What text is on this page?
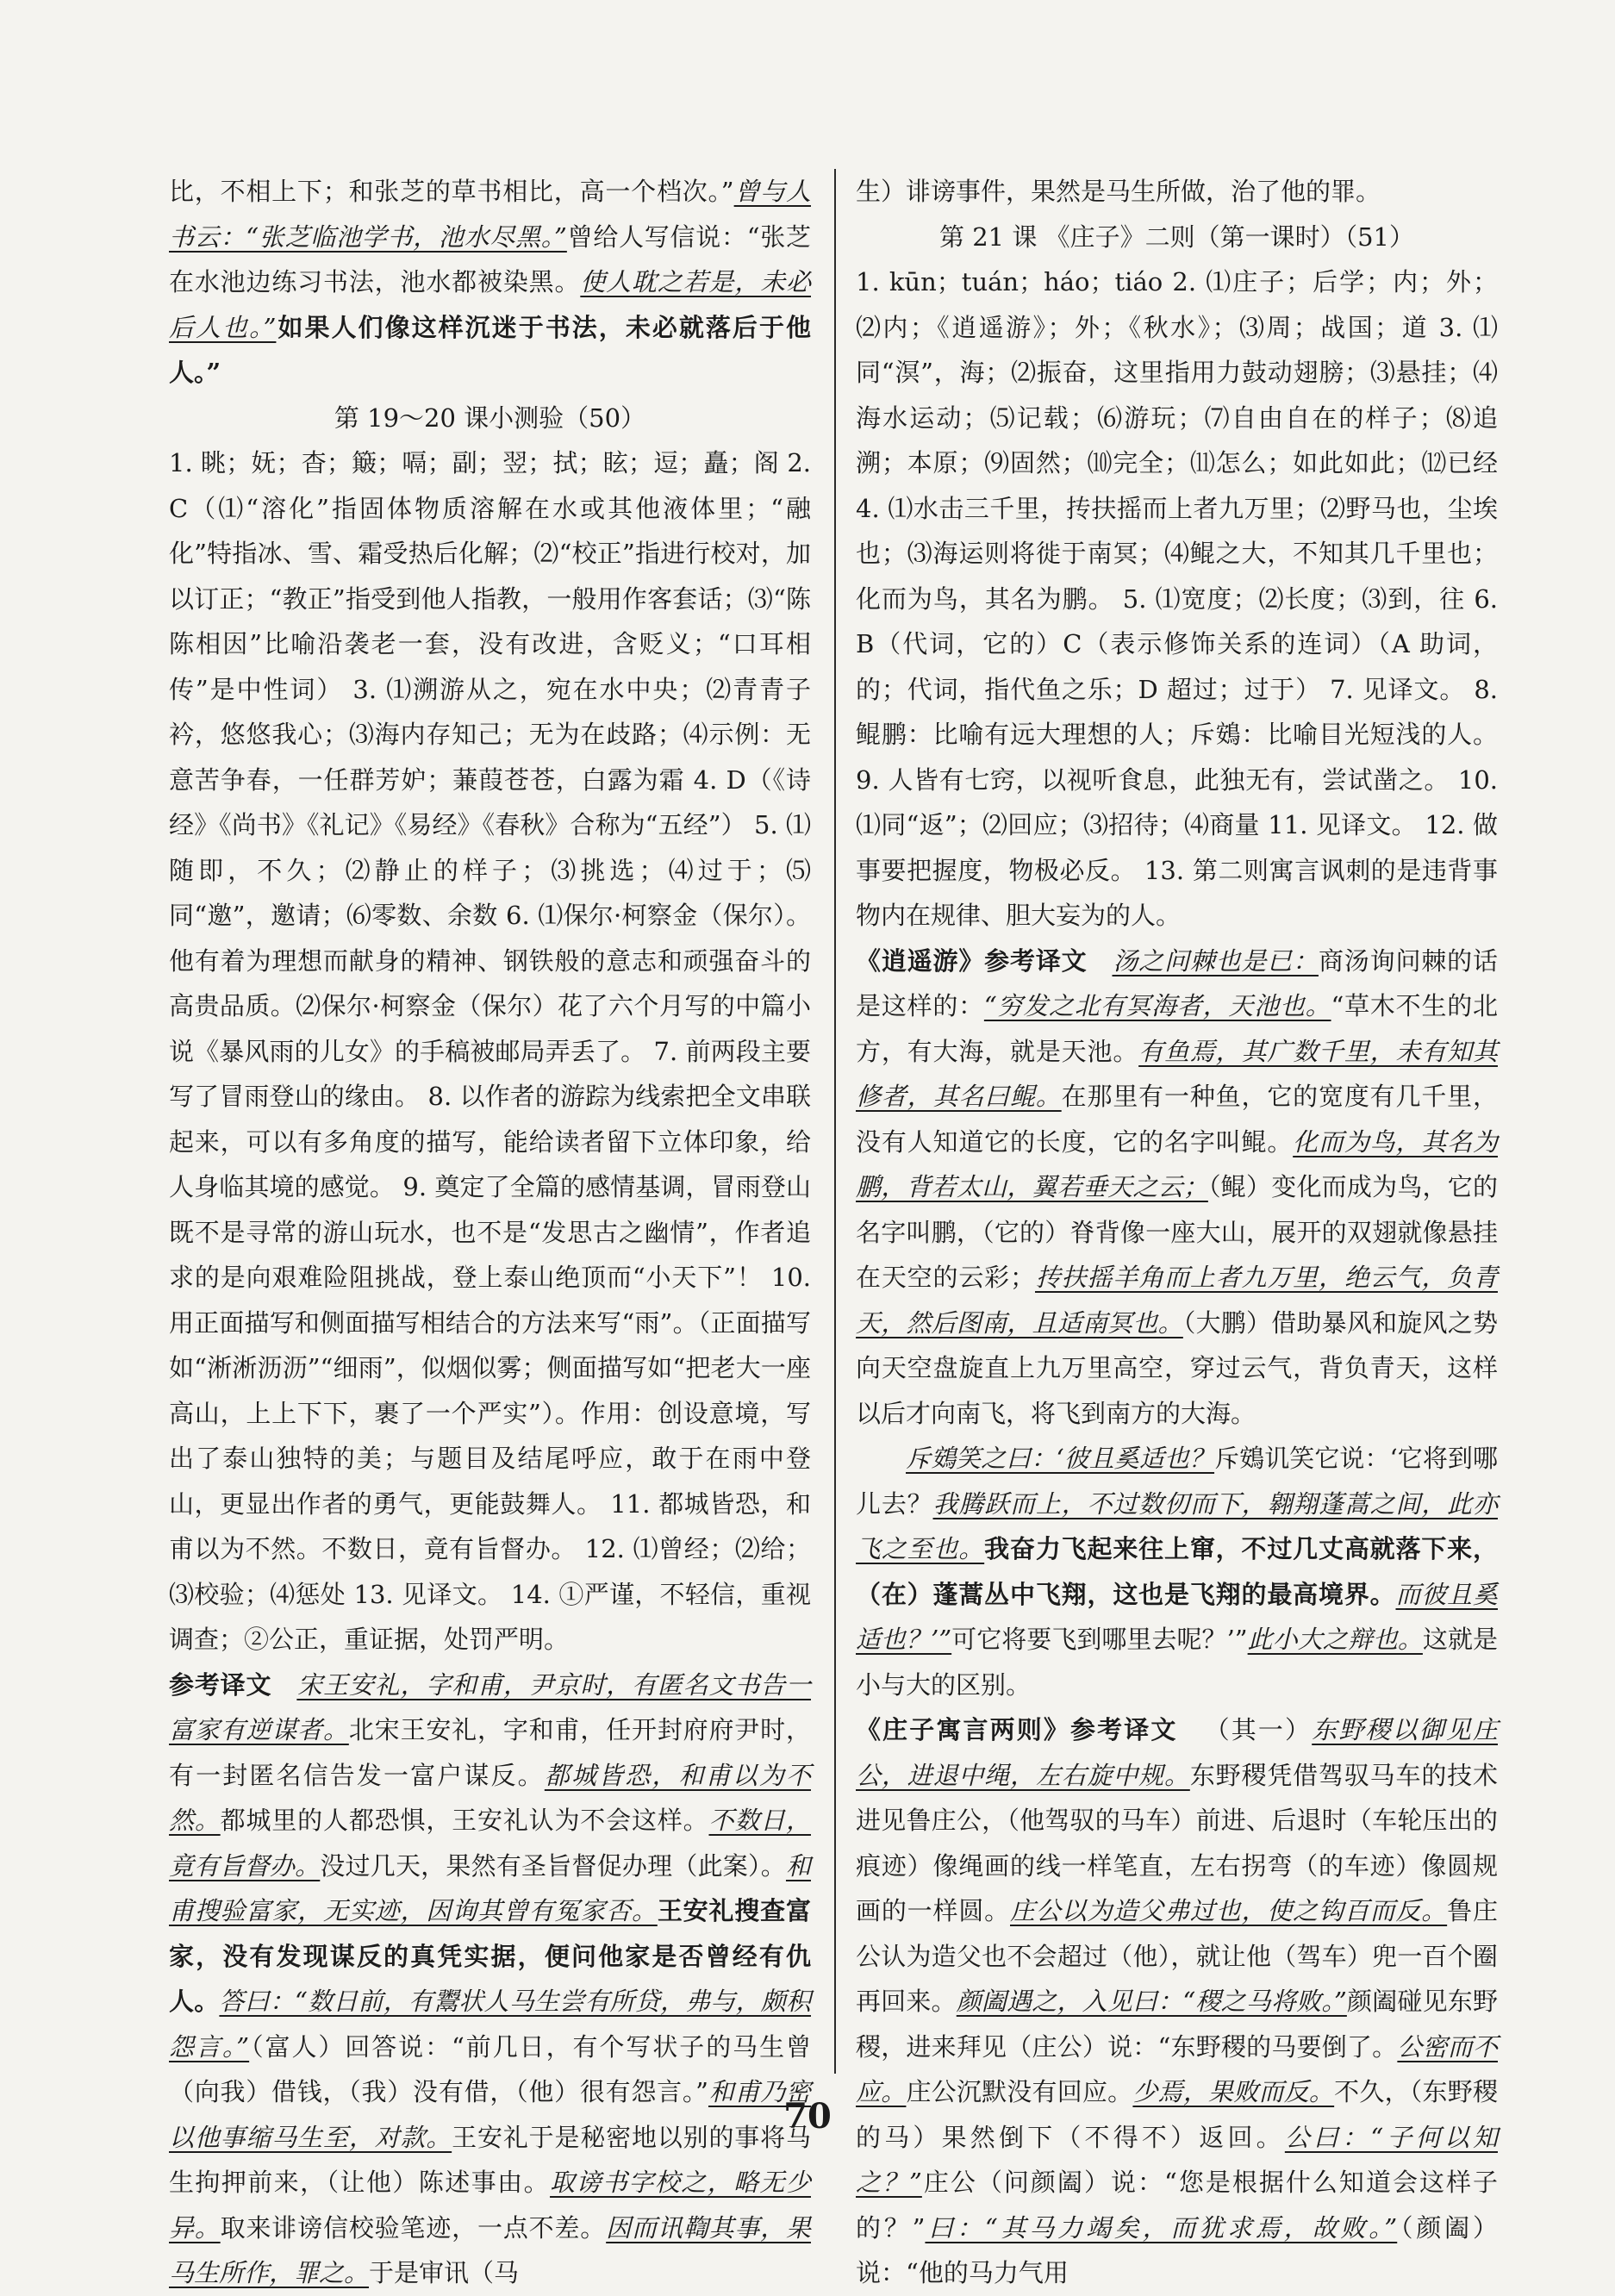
比，不相上下；和张芝的草书相比，高一个档次。”曾与人书云：“张芝临池学书，池水尽黑。”曾给人写信说：“张芝在水池边练习书法，池水都被染黑。使人耽之若是，未必后人也。”如果人们像这样沉迷于书法，未必就落后于他人。”

第 19～20 课小测验（50）

1. 眺；妩；杳；簸；嗝；副；翌；拭；眩；逗；矗；阁 2. C（⑴“溶化”指固体物质溶解在水或其他液体里；“融化”特指冰、雪、霜受热后化解；⑵“校正”指进行校对，加以订正；“教正”指受到他人指教，一般用作客套话；⑶“陈陈相因”比喻沿袭老一套，没有改进，含贬义；“口耳相传”是中性词） 3. ⑴溯游从之，宛在水中央；⑵青青子衿，悠悠我心；⑶海内存知己；无为在歧路；⑷示例：无意苦争春，一任群芳妒；蒹葭苍苍，白露为霜 4. D（《诗经》《尚书》《礼记》《易经》《春秋》合称为“五经”） 5. ⑴随即，不久；⑵静止的样子；⑶挑选；⑷过于；⑸同“邀”，邀请；⑹零数、余数 6. ⑴保尔·柯察金（保尔）。他有着为理想而献身的精神、钢铁般的意志和顽强奋斗的高贵品质。⑵保尔·柯察金（保尔）花了六个月写的中篇小说《暴风雨的儿女》的手稿被邮局弄丢了。 7. 前两段主要写了冒雨登山的缘由。 8. 以作者的游踪为线索把全文串联起来，可以有多角度的描写，能给读者留下立体印象，给人身临其境的感觉。 9. 奠定了全篇的感情基调，冒雨登山既不是寻常的游山玩水，也不是“发思古之幽情”，作者追求的是向艰难险阻挑战，登上泰山绝顶而“小天下”！ 10. 用正面描写和侧面描写相结合的方法来写“雨”。（正面描写如“淅淅沥沥”“细雨”，似烟似雾；侧面描写如“把老大一座高山，上上下下，裹了一个严实”）。作用：创设意境，写出了泰山独特的美；与题目及结尾呼应，敢于在雨中登山，更显出作者的勇气，更能鼓舞人。 11. 都城皆恐，和甫以为不然。不数日，竟有旨督办。 12. ⑴曾经；⑵给；⑶校验；⑷惩处 13. 见译文。 14. ①严谨，不轻信，重视调查；②公正，重证据，处罚严明。

参考译文  宋王安礼，字和甫，尹京时，有匿名文书告一富家有逆谋者。北宋王安礼，字和甫，任开封府府尹时，有一封匿名信告发一富户谋反。都城皆恐，和甫以为不然。都城里的人都恐惧，王安礼认为不会这样。不数日，竟有旨督办。没过几天，果然有圣旨督促办理（此案）。和甫搜验富家，无实迹，因询其曾有冤家否。王安礼搜查富家，没有发现谋反的真凭实据，便问他家是否曾经有仇人。答曰：“数日前，有鬻状人马生尝有所贷，弗与，颇积怨言。”（富人）回答说：“前几日，有个写状子的马生曾（向我）借钱，（我）没有借，（他）很有怨言。”和甫乃密以他事缩马生至，对款。王安礼于是秘密地以别的事将马生拘押前来，（让他）陈述事由。取谤书字校之，略无少异。取来诽谤信校验笔迹，一点不差。因而讯鞫其事，果马生所作，罪之。于是审讯（马

生）诽谤事件，果然是马生所做，治了他的罪。

第 21 课 《庄子》二则（第一课时）（51）

1. kūn；tuán；háo；tiáo 2. ⑴庄子；后学；内；外；⑵内；《逍遥游》；外；《秋水》；⑶周；战国；道 3. ⑴同“溟”，海；⑵振奋，这里指用力鼓动翅膀；⑶悬挂；⑷海水运动；⑸记载；⑹游玩；⑺自由自在的样子；⑻追溯；本原；⑼固然；⑽完全；⑾怎么；如此如此；⑿已经 4. ⑴水击三千里，抟扶摇而上者九万里；⑵野马也，尘埃也；⑶海运则将徙于南冥；⑷鲲之大，不知其几千里也；化而为鸟，其名为鹏。 5. ⑴宽度；⑵长度；⑶到，往 6. B（代词，它的）C（表示修饰关系的连词）（A 助词，的；代词，指代鱼之乐；D 超过；过于） 7. 见译文。 8. 鲲鹏：比喻有远大理想的人；斥鴳：比喻目光短浅的人。 9. 人皆有七窍，以视听食息，此独无有，尝试凿之。 10. ⑴同“返”；⑵回应；⑶招待；⑷商量 11. 见译文。 12. 做事要把握度，物极必反。 13. 第二则寓言讽刺的是违背事物内在规律、胆大妄为的人。

《逍遥游》参考译文  汤之问棘也是已：商汤询问棘的话是这样的：“穷发之北有冥海者，天池也。“草木不生的北方，有大海，就是天池。有鱼焉，其广数千里，未有知其修者，其名曰鲲。在那里有一种鱼，它的宽度有几千里，没有人知道它的长度，它的名字叫鲲。化而为鸟，其名为鹏，背若太山，翼若垂天之云；（鲲）变化而成为鸟，它的名字叫鹏，（它的）脊背像一座大山，展开的双翅就像悬挂在天空的云彩；抟扶摇羊角而上者九万里，绝云气，负青天，然后图南，且适南冥也。（大鹏）借助暴风和旋风之势向天空盘旋直上九万里高空，穿过云气，背负青天，这样以后才向南飞，将飞到南方的大海。

斥鴳笑之曰：‘彼且奚适也？斥鴳讥笑它说：‘它将到哪儿去？我腾跃而上，不过数仞而下，翱翔蓬蒿之间，此亦飞之至也。我奋力飞起来往上窜，不过几丈高就落下来，（在）蓬蒿丛中飞翔，这也是飞翔的最高境界。而彼且奚适也？’”可它将要飞到哪里去呢？’”此小大之辩也。这就是小与大的区别。

《庄子寓言两则》参考译文  （其一）东野稷以御见庄公，进退中绳，左右旋中规。东野稷凭借驾驭马车的技术进见鲁庄公，（他驾驭的马车）前进、后退时（车轮压出的痕迹）像绳画的线一样笔直，左右拐弯（的车迹）像圆规画的一样圆。庄公以为造父弗过也，使之钩百而反。鲁庄公认为造父也不会超过（他），就让他（驾车）兜一百个圈再回来。颜阖遇之，入见曰：“稷之马将败。”颜阖碰见东野稷，进来拜见（庄公）说：“东野稷的马要倒了。公密而不应。庄公沉默没有回应。少焉，果败而反。不久，（东野稷的马）果然倒下（不得不）返回。公曰：“子何以知之？”庄公（问颜阖）说：“您是根据什么知道会这样子的？”曰：“其马力竭矣，而犹求焉，故败。”（颜阖）说：“他的马力气用

70
